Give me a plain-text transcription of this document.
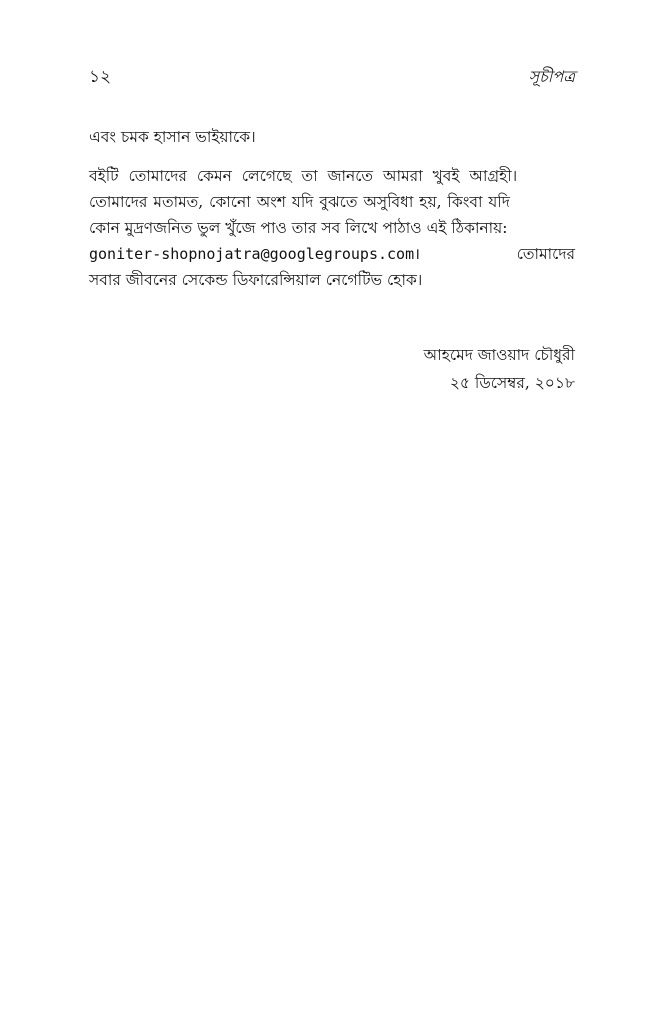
১২	সূচীপত্র

এবং চমক হাসান ভাইয়াকে।

বইটি তোমাদের কেমন লেগেছে তা জানতে আমরা খুবই আগ্রহী।
তোমাদের মতামত, কোনো অংশ যদি বুঝতে অসুবিধা হয়, কিংবা যদি
কোন মুদ্রণজনিত ভুল খুঁজে পাও তার সব লিখে পাঠাও এই ঠিকানায়:
goniter-shopnojatra@googlegroups.com।	তোমাদের
সবার জীবনের সেকেন্ড ডিফারেন্সিয়াল নেগেটিভ হোক।

আহমেদ জাওয়াদ চৌধুরী
২৫ ডিসেম্বর, ২০১৮
